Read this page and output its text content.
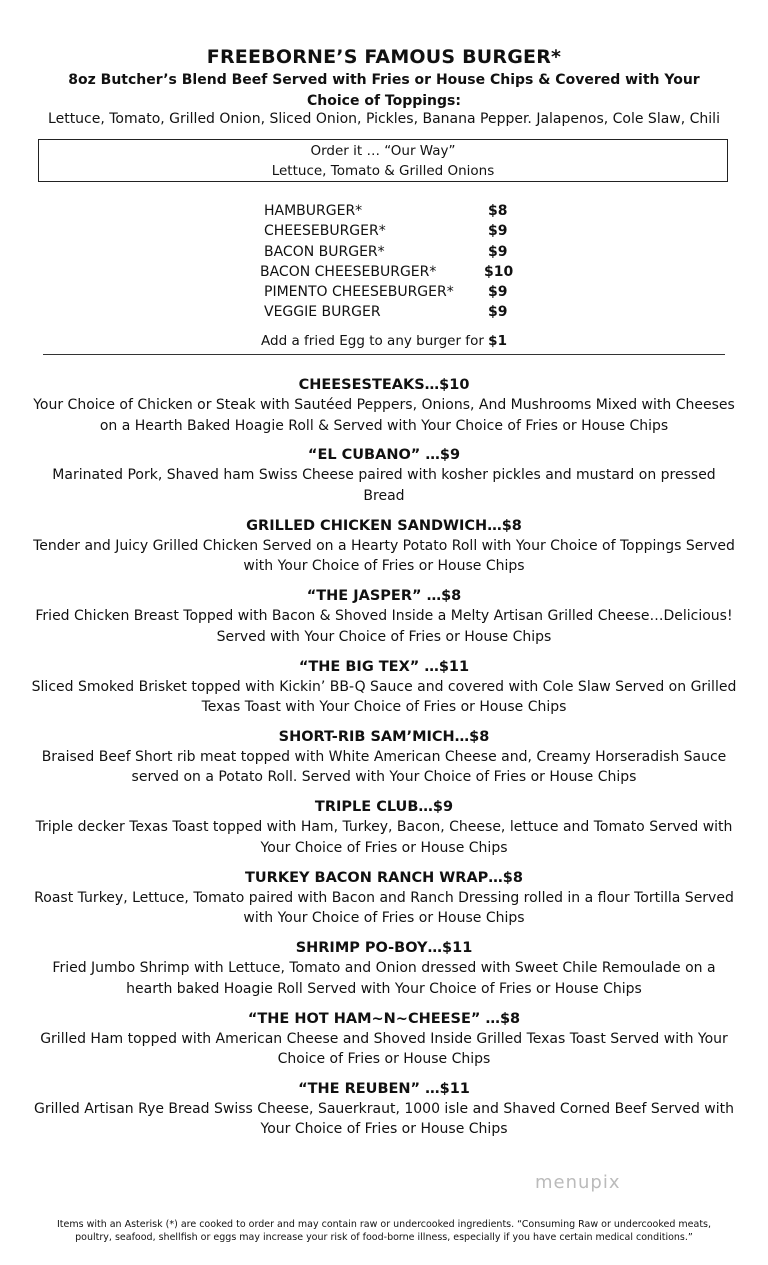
FREEBORNE’S FAMOUS BURGER*
8oz Butcher’s Blend Beef Served with Fries or House Chips & Covered with Your Choice of Toppings:
Lettuce, Tomato, Grilled Onion, Sliced Onion, Pickles, Banana Pepper. Jalapenos, Cole Slaw, Chili
Order it … “Our Way”
Lettuce, Tomato & Grilled Onions
HAMBURGER*	$8
CHEESEBURGER*	$9
BACON BURGER*	$9
BACON CHEESEBURGER*	$10
PIMENTO CHEESEBURGER* $9
VEGGIE BURGER	$9
Add a fried Egg to any burger for $1
CHEESESTEAKS…$10
Your Choice of Chicken or Steak with Sautéed Peppers, Onions, And Mushrooms Mixed with Cheeses on a Hearth Baked Hoagie Roll & Served with Your Choice of Fries or House Chips
“EL CUBANO” …$9
Marinated Pork, Shaved ham Swiss Cheese paired with kosher pickles and mustard on pressed Bread
GRILLED CHICKEN SANDWICH…$8
Tender and Juicy Grilled Chicken Served on a Hearty Potato Roll with Your Choice of Toppings Served with Your Choice of Fries or House Chips
“THE JASPER” …$8
Fried Chicken Breast Topped with Bacon & Shoved Inside a Melty Artisan Grilled Cheese…Delicious! Served with Your Choice of Fries or House Chips
“THE BIG TEX” …$11
Sliced Smoked Brisket topped with Kickin’ BB-Q Sauce and covered with Cole Slaw Served on Grilled Texas Toast with Your Choice of Fries or House Chips
SHORT-RIB SAM’MICH…$8
Braised Beef Short rib meat topped with White American Cheese and, Creamy Horseradish Sauce served on a Potato Roll. Served with Your Choice of Fries or House Chips
TRIPLE CLUB…$9
Triple decker Texas Toast topped with Ham, Turkey, Bacon, Cheese, lettuce and Tomato Served with Your Choice of Fries or House Chips
TURKEY BACON RANCH WRAP…$8
Roast Turkey, Lettuce, Tomato paired with Bacon and Ranch Dressing rolled in a flour Tortilla Served with Your Choice of Fries or House Chips
SHRIMP PO-BOY…$11
Fried Jumbo Shrimp with Lettuce, Tomato and Onion dressed with Sweet Chile Remoulade on a hearth baked Hoagie Roll Served with Your Choice of Fries or House Chips
“THE HOT HAM~N~CHEESE” …$8
Grilled Ham topped with American Cheese and Shoved Inside Grilled Texas Toast Served with Your Choice of Fries or House Chips
“THE REUBEN” …$11
Grilled Artisan Rye Bread Swiss Cheese, Sauerkraut, 1000 isle and Shaved Corned Beef Served with Your Choice of Fries or House Chips
menupix
Items with an Asterisk (*) are cooked to order and may contain raw or undercooked ingredients. “Consuming Raw or undercooked meats, poultry, seafood, shellfish or eggs may increase your risk of food-borne illness, especially if you have certain medical conditions.”
